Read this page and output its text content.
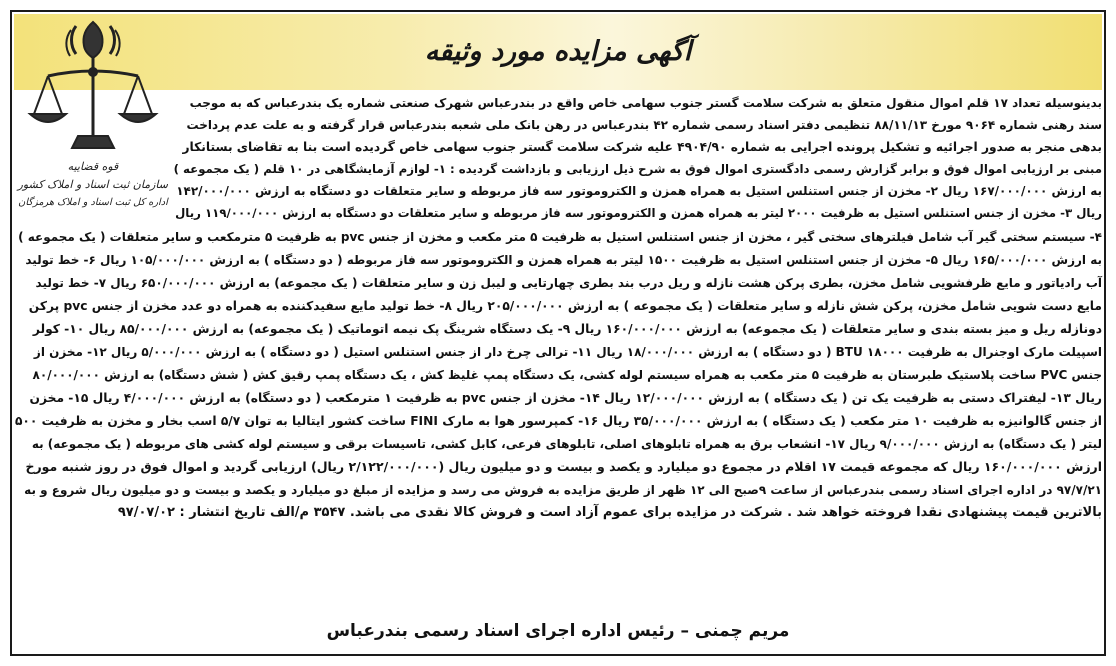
آگهی مزایده مورد وثیقه
قوه قضاییه
سازمان ثبت اسناد و املاک کشور
اداره کل ثبت اسناد و املاک هرمزگان
بدینوسیله تعداد ۱۷ قلم اموال منقول متعلق به شرکت سلامت گستر جنوب سهامی خاص واقع در بندرعباس شهرک صنعتی شماره یک بندرعباس که به موجب
سند رهنی شماره ۹۰۶۴ مورخ ۸۸/۱۱/۱۳ تنظیمی دفتر اسناد رسمی شماره ۴۲ بندرعباس در رهن بانک ملی شعبه بندرعباس قرار گرفته و به علت عدم پرداخت
بدهی منجر به صدور اجرائیه و تشکیل پرونده اجرایی به شماره ۴۹۰۴/۹۰ علیه شرکت سلامت گستر جنوب سهامی خاص گردیده است بنا به تقاضای بستانکار
مبنی بر ارزیابی اموال فوق و برابر گزارش رسمی دادگستری اموال فوق به شرح ذیل ارزیابی و بازداشت گردیده : ۱- لوازم آزمایشگاهی در ۱۰ قلم ( یک مجموعه )
به ارزش ۱۶۷/۰۰۰/۰۰۰ ریال ۲- مخزن از جنس استنلس استیل به همراه همزن و الکتروموتور سه فاز مربوطه و سایر متعلقات دو دستگاه به ارزش ۱۴۲/۰۰۰/۰۰۰
ریال ۳- مخزن از جنس استنلس استیل به ظرفیت ۲۰۰۰ لیتر به همراه همزن و الکتروموتور سه فاز مربوطه و سایر متعلقات دو دستگاه به ارزش ۱۱۹/۰۰۰/۰۰۰ ریال
۴- سیستم سختی گیر آب شامل فیلترهای سختی گیر ، مخزن از جنس استنلس استیل به ظرفیت ۵ متر مکعب و مخزن از جنس pvc به ظرفیت ۵ مترمکعب و سایر متعلقات ( یک مجموعه )
به ارزش ۱۶۵/۰۰۰/۰۰۰ ریال ۵- مخزن از جنس استنلس استیل به ظرفیت ۱۵۰۰ لیتر به همراه همزن و الکتروموتور سه فاز مربوطه ( دو دستگاه ) به ارزش ۱۰۵/۰۰۰/۰۰۰ ریال ۶- خط تولید
آب رادیاتور و مایع ظرفشویی شامل مخزن، بطری پرکن هشت نازله و ریل درب بند بطری چهارتایی و لیبل زن و سایر متعلقات ( یک مجموعه) به ارزش ۶۵۰/۰۰۰/۰۰۰ ریال ۷- خط تولید
مایع دست شویی شامل مخزن، پرکن شش نازله و سایر متعلقات ( یک مجموعه ) به ارزش ۲۰۵/۰۰۰/۰۰۰ ریال ۸- خط تولید مایع سفیدکننده به همراه دو عدد مخزن از جنس pvc پرکن
دونازله ریل و میز بسته بندی و سایر متعلقات ( یک مجموعه) به ارزش ۱۶۰/۰۰۰/۰۰۰ ریال ۹- یک دستگاه شرینگ پک نیمه اتوماتیک ( یک مجموعه) به ارزش ۸۵/۰۰۰/۰۰۰ ریال ۱۰- کولر
اسپیلت مارک اوجنرال به ظرفیت ۱۸۰۰۰ BTU ( دو دستگاه ) به ارزش ۱۸/۰۰۰/۰۰۰ ریال ۱۱- ترالی چرخ دار از جنس استنلس استیل ( دو دستگاه ) به ارزش ۵/۰۰۰/۰۰۰ ریال ۱۲- مخزن از
جنس PVC ساخت پلاستیک طبرستان به ظرفیت ۵ متر مکعب به همراه سیستم لوله کشی، یک دستگاه پمپ غلیظ کش ، یک دستگاه پمپ رقیق کش ( شش دستگاه) به ارزش ۸۰/۰۰۰/۰۰۰
ریال ۱۳- لیفتراک دستی به ظرفیت یک تن ( یک دستگاه ) به ارزش ۱۲/۰۰۰/۰۰۰ ریال ۱۴- مخزن از جنس pvc به ظرفیت ۱ مترمکعب ( دو دستگاه) به ارزش ۴/۰۰۰/۰۰۰ ریال ۱۵- مخزن
از جنس گالوانیزه به ظرفیت ۱۰ متر مکعب ( یک دستگاه ) به ارزش ۳۵/۰۰۰/۰۰۰ ریال ۱۶- کمپرسور هوا به مارک FINI ساخت کشور ایتالیا به توان ۵/۷ اسب بخار و مخزن به ظرفیت ۵۰۰
لیتر ( یک دستگاه) به ارزش ۹/۰۰۰/۰۰۰ ریال ۱۷- انشعاب برق به همراه تابلوهای اصلی، تابلوهای فرعی، کابل کشی، تاسیسات برقی و سیستم لوله کشی های مربوطه ( یک مجموعه) به
ارزش ۱۶۰/۰۰۰/۰۰۰ ریال که مجموعه قیمت ۱۷ اقلام در مجموع دو میلیارد و یکصد و بیست و دو میلیون ریال (۲/۱۲۲/۰۰۰/۰۰۰ ریال) ارزیابی گردید و اموال فوق در روز شنبه مورخ
۹۷/۷/۲۱ در اداره اجرای اسناد رسمی بندرعباس از ساعت ۹صبح الی ۱۲ ظهر از طریق مزایده به فروش می رسد و مزایده از مبلغ دو میلیارد و یکصد و بیست و دو میلیون ریال شروع و به
بالاترین قیمت پیشنهادی نقدا فروخته خواهد شد . شرکت در مزایده برای عموم آزاد است و فروش کالا نقدی می باشد. ۳۵۴۷ م/الف تاریخ انتشار : ۹۷/۰۷/۰۲
مریم چمنی – رئیس اداره اجرای اسناد رسمی بندرعباس
